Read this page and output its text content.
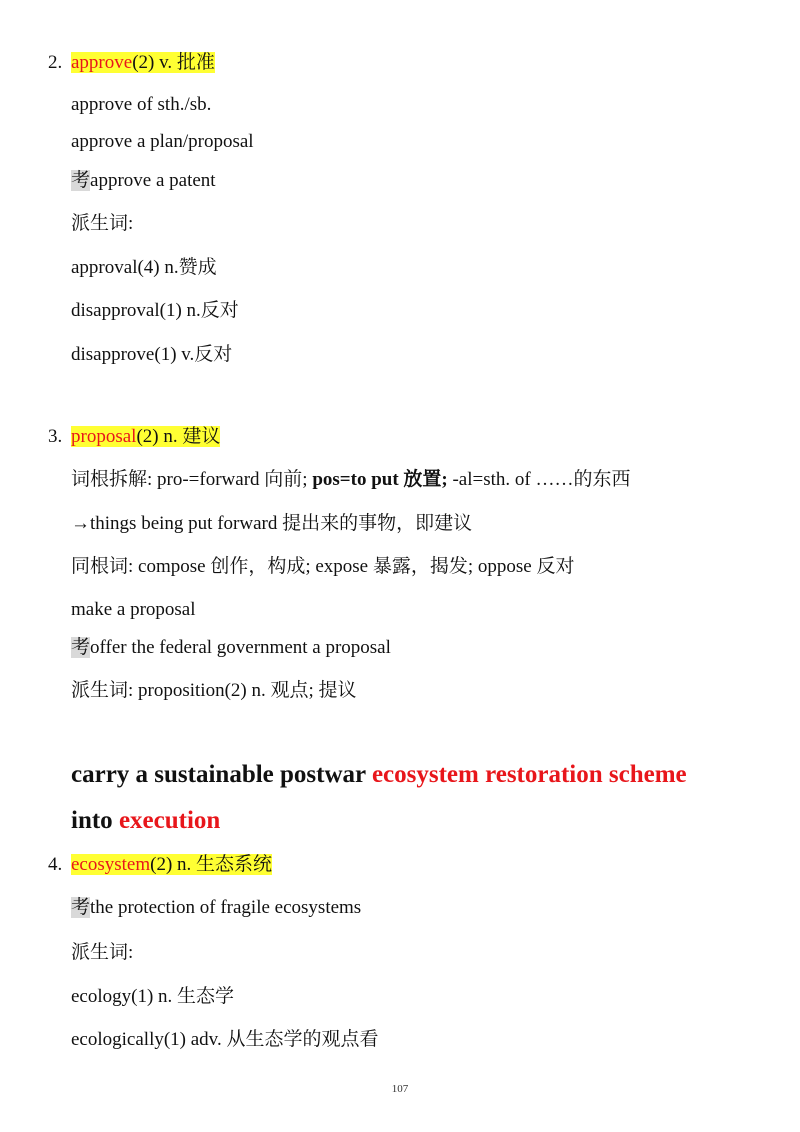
2. approve(2) v. 批准
approve of sth./sb.
approve a plan/proposal
考approve a patent
派生词:
approval(4) n.赞成
disapproval(1) n.反对
disapprove(1) v.反对
3. proposal(2) n. 建议
词根拆解: pro-=forward 向前; pos=to put 放置; -al=sth. of ……的东西
→things being put forward 提出来的事物，即建议
同根词: compose 创作，构成; expose 暴露，揭发; oppose 反对
make a proposal
考offer the federal government a proposal
派生词: proposition(2) n. 观点; 提议
carry a sustainable postwar ecosystem restoration scheme
into execution
4. ecosystem(2) n. 生态系统
考the protection of fragile ecosystems
派生词:
ecology(1) n. 生态学
ecologically(1) adv. 从生态学的观点看
107
